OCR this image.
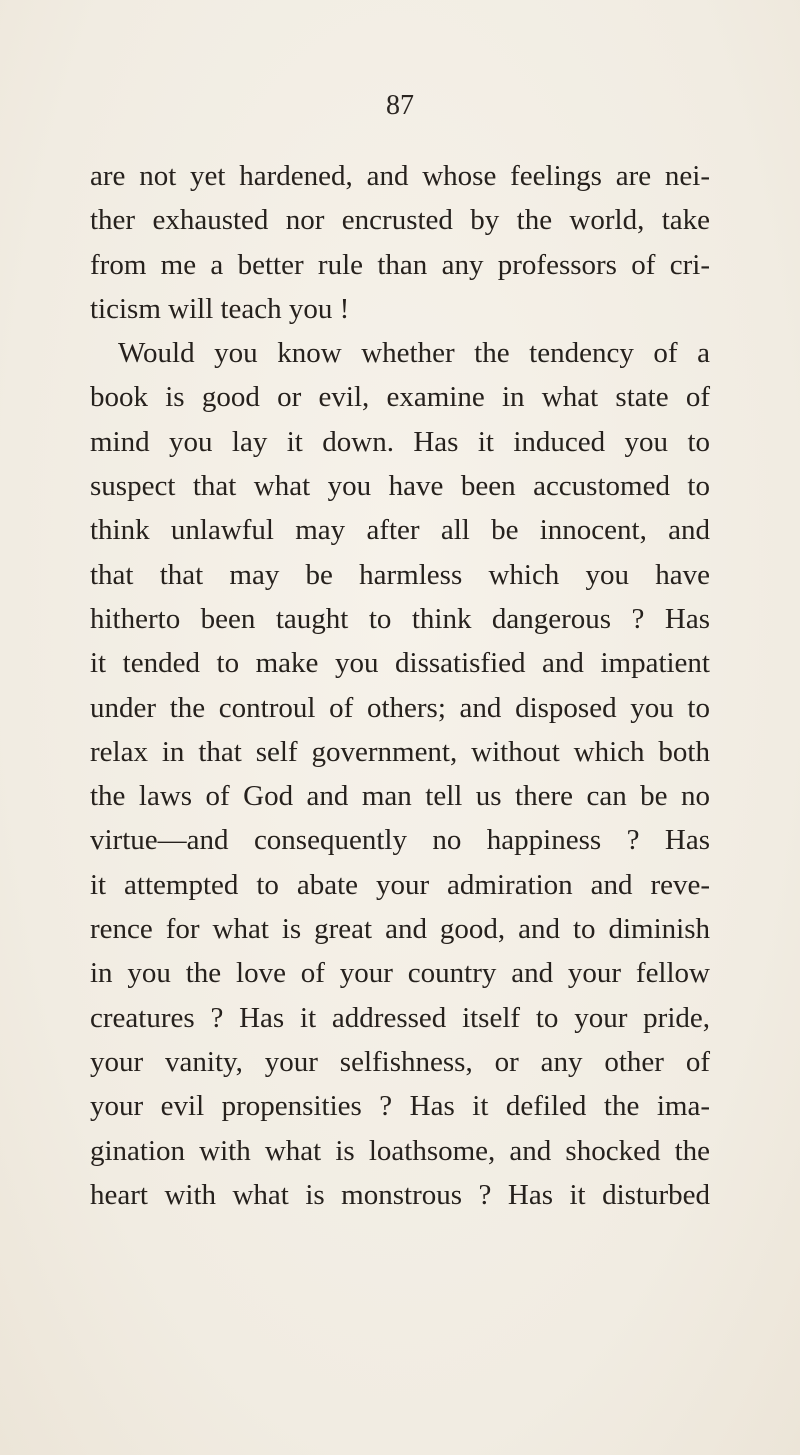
87
are not yet hardened, and whose feelings are nei-
ther exhausted nor encrusted by the world, take
from me a better rule than any professors of cri-
ticism will teach you !
Would you know whether the tendency of a
book is good or evil, examine in what state of
mind you lay it down. Has it induced you to
suspect that what you have been accustomed to
think unlawful may after all be innocent, and
that that may be harmless which you have
hitherto been taught to think dangerous ? Has
it tended to make you dissatisfied and impatient
under the controul of others; and disposed you to
relax in that self government, without which both
the laws of God and man tell us there can be no
virtue—and consequently no happiness ? Has
it attempted to abate your admiration and reve-
rence for what is great and good, and to diminish
in you the love of your country and your fellow
creatures ? Has it addressed itself to your pride,
your vanity, your selfishness, or any other of
your evil propensities ? Has it defiled the ima-
gination with what is loathsome, and shocked the
heart with what is monstrous ? Has it disturbed
